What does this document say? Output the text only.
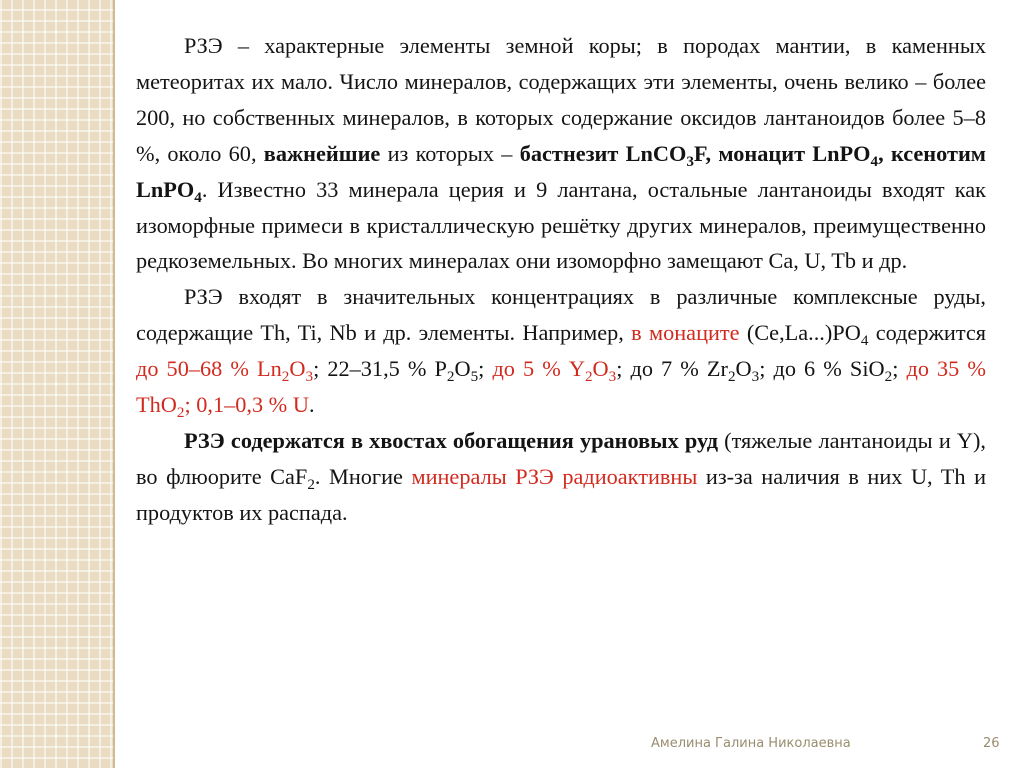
РЗЭ – характерные элементы земной коры; в породах мантии, в каменных метеоритах их мало. Число минералов, содержащих эти элементы, очень велико – более 200, но собственных минералов, в которых содержание оксидов лантаноидов более 5–8 %, около 60, важнейшие из которых – бастнезит LnCO$_3$F, монацит LnPO$_4$, ксенотим LnPO$_4$. Известно 33 минерала церия и 9 лантана, остальные лантаноиды входят как изоморфные примеси в кристаллическую решётку других минералов, преимущественно редкоземельных. Во многих минералах они изоморфно замещают Ca, U, Tb и др.

РЗЭ входят в значительных концентрациях в различные комплексные руды, содержащие Th, Ti, Nb и др. элементы. Например, в монаците $(Ce,La...)PO_4$ содержится до 50–68 % $Ln_2O_3$; 22–31,5 % $P_2O_5$; до 5 % $Y_2O_3$; до 7 % $Zr_2O_3$; до 6 % SiO$_2$; до 35 % ThO$_2$; 0,1–0,3 % U.

РЗЭ содержатся в хвостах обогащения урановых руд (тяжелые лантаноиды и Y), во флюорите CaF$_2$. Многие минералы РЗЭ радиоактивны из-за наличия в них U, Th и продуктов их распада.

Амелина Галина Николаевна	26
